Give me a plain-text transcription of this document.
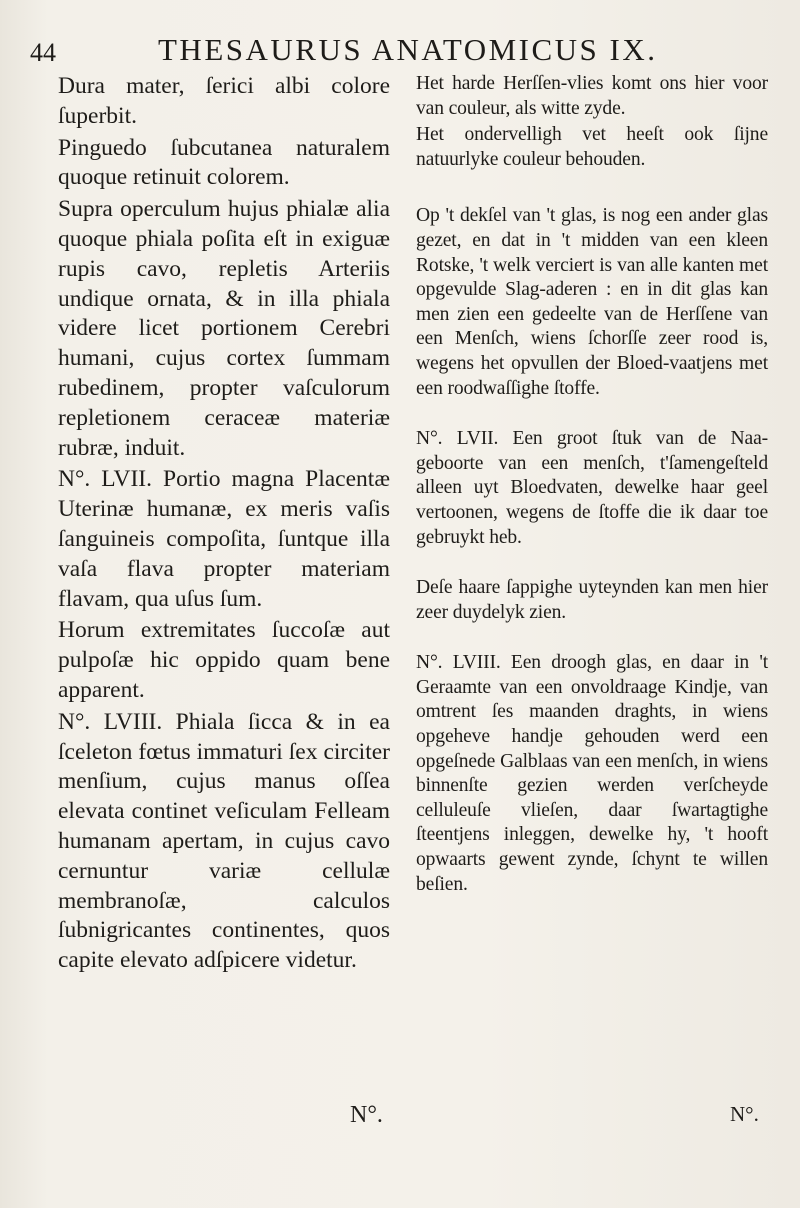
44	THESAURUS ANATOMICUS IX.

Dura mater, ſerici albi colore ſuperbit.

Pinguedo ſubcutanea naturalem quoque retinuit colorem.

Supra operculum hujus phialæ alia quoque phiala poſita eſt in exiguæ rupis cavo, repletis Arteriis undique ornata, & in illa phiala videre licet portionem Cerebri humani, cujus cortex ſummam rubedinem, propter vaſculorum repletionem ceraceæ materiæ rubræ, induit.

N°. LVII. Portio magna Placentæ Uterinæ humanæ, ex meris vaſis ſanguineis compoſita, ſuntque illa vaſa flava propter materiam flavam, qua uſus ſum.

Horum extremitates ſuccoſæ aut pulpoſæ hic oppido quam bene apparent.

N°. LVIII. Phiala ſicca & in ea ſceleton fœtus immaturi ſex circiter menſium, cujus manus oſſea elevata continet veſiculam Felleam humanam apertam, in cujus cavo cernuntur variæ cellulæ membranoſæ, calculos ſubnigricantes continentes, quos capite elevato adſpicere videtur.

Het harde Herſſen-vlies komt ons hier voor van couleur, als witte zyde.

Het ondervelligh vet heeſt ook ſijne natuurlyke couleur behouden.

Op 't dekſel van 't glas, is nog een ander glas gezet, en dat in 't midden van een kleen Rotske, 't welk verciert is van alle kanten met opgevulde Slag-aderen : en in dit glas kan men zien een gedeelte van de Herſſene van een Menſch, wiens ſchorſſe zeer rood is, wegens het opvullen der Bloed-vaatjens met een roodwaſſighe ſtoffe.

N°. LVII. Een groot ſtuk van de Naa-geboorte van een menſch, t'ſamengeſteld alleen uyt Bloedvaten, dewelke haar geel vertoonen, wegens de ſtoffe die ik daar toe gebruykt heb.

Deſe haare ſappighe uyteynden kan men hier zeer duydelyk zien.

N°. LVIII. Een droogh glas, en daar in 't Geraamte van een onvoldraage Kindje, van omtrent ſes maanden draghts, in wiens opgeheve handje gehouden werd een opgeſnede Galblaas van een menſch, in wiens binnenſte gezien werden verſcheyde celluleuſe vlieſen, daar ſwartagtighe ſteentjens inleggen, dewelke hy, 't hooft opwaarts gewent zynde, ſchynt te willen beſien.

N°.	N°.
